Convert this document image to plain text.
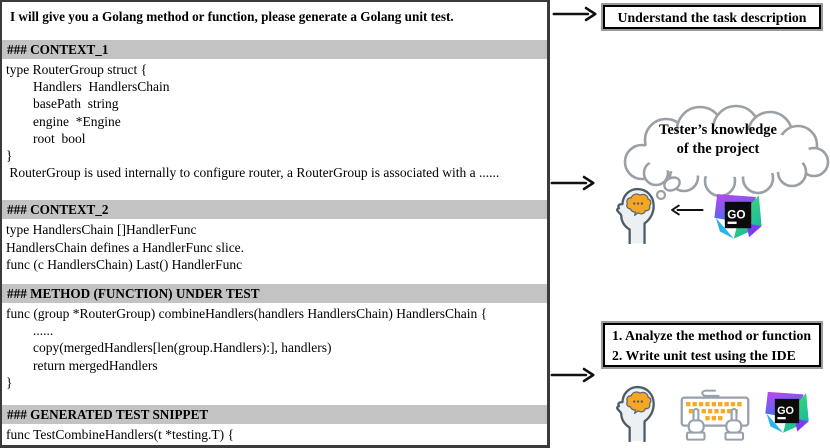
I will give you a Golang method or function, please generate a Golang unit test.
### CONTEXT_1
type RouterGroup struct {
Handlers  HandlersChain
basePath  string
engine  *Engine
root  bool
}
RouterGroup is used internally to configure router, a RouterGroup is associated with a ......
### CONTEXT_2
type HandlersChain []HandlerFunc
HandlersChain defines a HandlerFunc slice.
func (c HandlersChain) Last() HandlerFunc
### METHOD (FUNCTION) UNDER TEST
func (group *RouterGroup) combineHandlers(handlers HandlersChain) HandlersChain {
......
copy(mergedHandlers[len(group.Handlers):], handlers)
return mergedHandlers
}
### GENERATED TEST SNIPPET
func TestCombineHandlers(t *testing.T) {
Understand the task description
Tester’s knowledge
of the project
1. Analyze the method or function
2. Write unit test using the IDE
